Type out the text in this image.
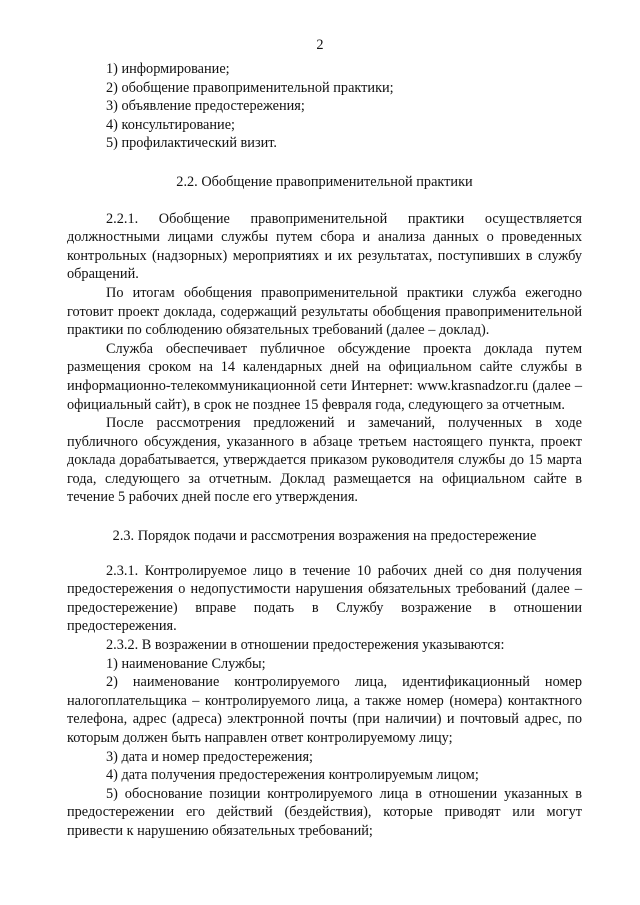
2
1) информирование;
2) обобщение правоприменительной практики;
3) объявление предостережения;
4) консультирование;
5) профилактический визит.
2.2. Обобщение правоприменительной практики
2.2.1. Обобщение правоприменительной практики осуществляется должностными лицами службы путем сбора и анализа данных о проведенных контрольных (надзорных) мероприятиях и их результатах, поступивших в службу обращений.
По итогам обобщения правоприменительной практики служба ежегодно готовит проект доклада, содержащий результаты обобщения правоприменительной практики по соблюдению обязательных требований (далее – доклад).
Служба обеспечивает публичное обсуждение проекта доклада путем размещения сроком на 14 календарных дней на официальном сайте службы в информационно-телекоммуникационной сети Интернет: www.krasnadzor.ru (далее – официальный сайт), в срок не позднее 15 февраля года, следующего за отчетным.
После рассмотрения предложений и замечаний, полученных в ходе публичного обсуждения, указанного в абзаце третьем настоящего пункта, проект доклада дорабатывается, утверждается приказом руководителя службы до 15 марта года, следующего за отчетным. Доклад размещается на официальном сайте в течение 5 рабочих дней после его утверждения.
2.3. Порядок подачи и рассмотрения возражения на предостережение
2.3.1. Контролируемое лицо в течение 10 рабочих дней со дня получения предостережения о недопустимости нарушения обязательных требований (далее – предостережение) вправе подать в Службу возражение в отношении предостережения.
2.3.2. В возражении в отношении предостережения указываются:
1) наименование Службы;
2) наименование контролируемого лица, идентификационный номер налогоплательщика – контролируемого лица, а также номер (номера) контактного телефона, адрес (адреса) электронной почты (при наличии) и почтовый адрес, по которым должен быть направлен ответ контролируемому лицу;
3) дата и номер предостережения;
4) дата получения предостережения контролируемым лицом;
5) обоснование позиции контролируемого лица в отношении указанных в предостережении его действий (бездействия), которые приводят или могут привести к нарушению обязательных требований;
